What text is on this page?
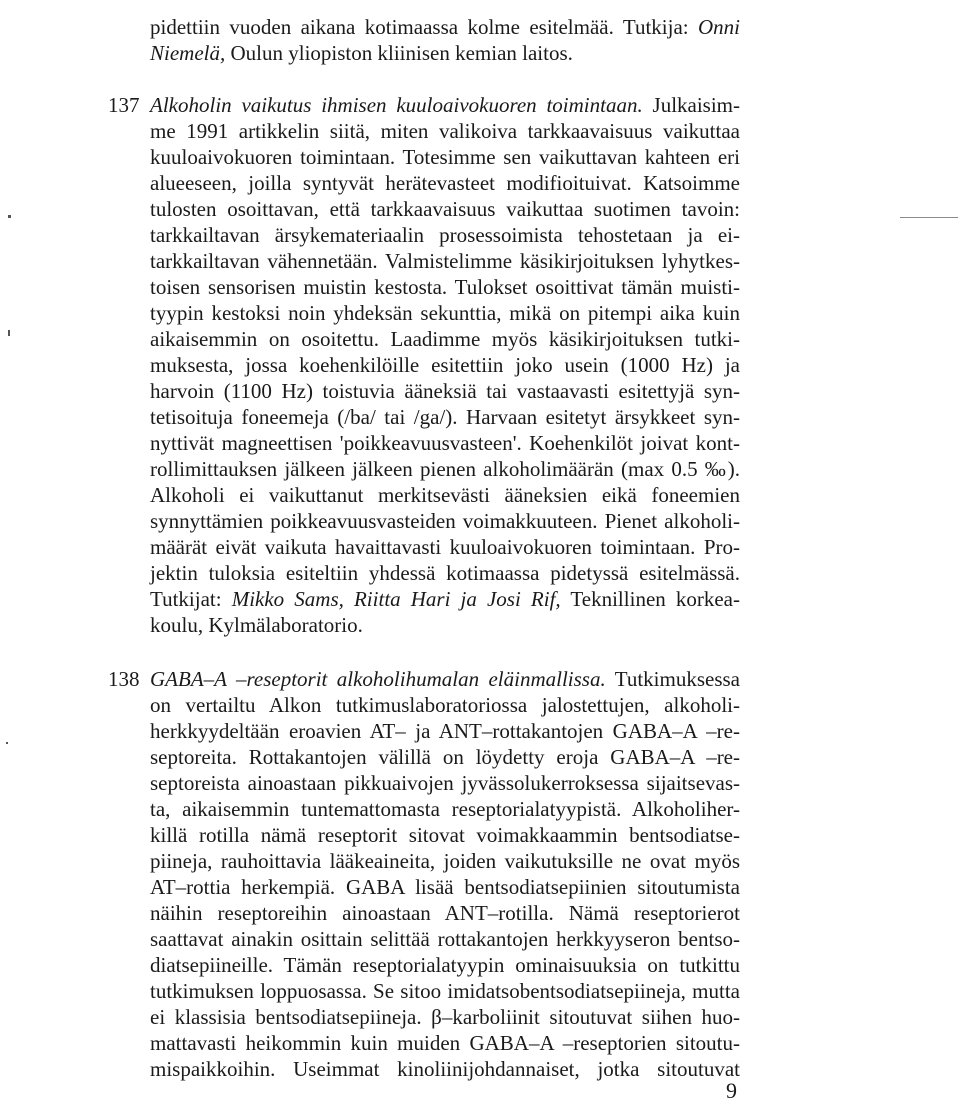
pidettiin vuoden aikana kotimaassa kolme esitelmää. Tutkija: Onni
Niemelä, Oulun yliopiston kliinisen kemian laitos.
137 Alkoholin vaikutus ihmisen kuuloaivokuoren toimintaan. Julkaisim-
me 1991 artikkelin siitä, miten valikoiva tarkkaavaisuus vaikuttaa
kuuloaivokuoren toimintaan. Totesimme sen vaikuttavan kahteen eri
alueeseen, joilla syntyvät herätevasteet modifioituivat. Katsoimme
tulosten osoittavan, että tarkkaavaisuus vaikuttaa suotimen tavoin:
tarkkailtavan ärsykemateriaalin prosessoimista tehostetaan ja ei-
tarkkailtavan vähennetään. Valmistelimme käsikirjoituksen lyhytkes-
toisen sensorisen muistin kestosta. Tulokset osoittivat tämän muisti-
tyypin kestoksi noin yhdeksän sekunttia, mikä on pitempi aika kuin
aikaisemmin on osoitettu. Laadimme myös käsikirjoituksen tutki-
muksesta, jossa koehenkilöille esitettiin joko usein (1000 Hz) ja
harvoin (1100 Hz) toistuvia ääneksiä tai vastaavasti esitettyjä syn-
tetisoituja foneemeja (/ba/ tai /ga/). Harvaan esitetyt ärsykkeet syn-
nyttivät magneettisen 'poikkeavuusvasteen'. Koehenkilöt joivat kont-
rollimittauksen jälkeen jälkeen pienen alkoholimäärän (max 0.5 ‰).
Alkoholi ei vaikuttanut merkitsevästi ääneksien eikä foneemien
synnyttämien poikkeavuusvasteiden voimakkuuteen. Pienet alkoholi-
määrät eivät vaikuta havaittavasti kuuloaivokuoren toimintaan. Pro-
jektin tuloksia esiteltiin yhdessä kotimaassa pidetyssä esitelmässä.
Tutkijat: Mikko Sams, Riitta Hari ja Josi Rif, Teknillinen korkea-
koulu, Kylmälaboratorio.
138 GABA–A –reseptorit alkoholihumalan eläinmallissa. Tutkimuksessa
on vertailtu Alkon tutkimuslaboratoriossa jalostettujen, alkoholi-
herkkyydeltään eroavien AT– ja ANT–rottakantojen GABA–A –re-
septoreita. Rottakantojen välillä on löydetty eroja GABA–A –re-
septoreista ainoastaan pikkuaivojen jyvässolukerroksessa sijaitsevas-
ta, aikaisemmin tuntemattomasta reseptorialatyypistä. Alkoholiher-
killä rotilla nämä reseptorit sitovat voimakkaammin bentsodiatse-
piineja, rauhoittavia lääkeaineita, joiden vaikutuksille ne ovat myös
AT–rottia herkempiä. GABA lisää bentsodiatsepiinien sitoutumista
näihin reseptoreihin ainoastaan ANT–rotilla. Nämä reseptorierot
saattavat ainakin osittain selittää rottakantojen herkkyyseron bentso-
diatsepiineille. Tämän reseptorialatyypin ominaisuuksia on tutkittu
tutkimuksen loppuosassa. Se sitoo imidatsobentsodiatsepiineja, mutta
ei klassisia bentsodiatsepiineja. β–karboliinit sitoutuvat siihen huo-
mattavasti heikommin kuin muiden GABA–A –reseptorien sitoutu-
mispaikkoihin. Useimmat kinoliinijohdannaiset, jotka sitoutuvat
9
